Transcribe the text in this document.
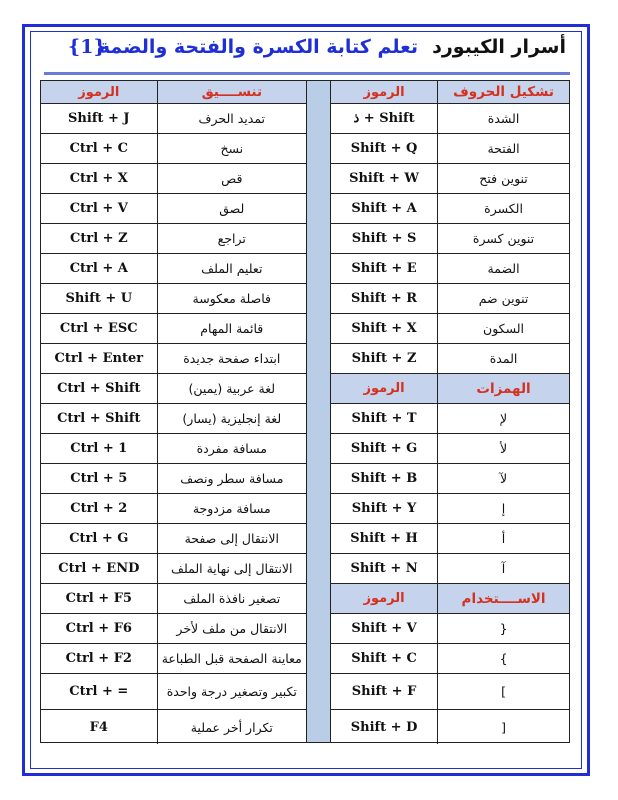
{1}
تعلم كتابة الكسرة والفتحة والضمة أسرار الكيبورد
الرموز	تشكيل الحروف
ذ + Shift	الشدة
Shift + Q	الفتحة
Shift + W	تنوين فتح
Shift + A	الكسرة
Shift + S	تنوين كسرة
Shift + E	الضمة
Shift + R	تنوين ضم
Shift + X	السكون
Shift + Z	المدة
الرموز	الهمزات
Shift + T	لإ
Shift + G	لأ
Shift + B	لآ
Shift + Y	إ
Shift + H	أ
Shift + N	آ
الرموز	الاســــتخدام
Shift + V	{
Shift + C	}
Shift + F	]
Shift + D	[
الرموز	تنســــيق
Shift + J	تمديد الحرف
Ctrl + C	نسخ
Ctrl + X	قص
Ctrl + V	لصق
Ctrl + Z	تراجع
Ctrl + A	تعليم الملف
Shift + U	فاصلة معكوسة
Ctrl + ESC	قائمة المهام
Ctrl + Enter	ابتداء صفحة جديدة
Ctrl + Shift	لغة عربية (يمين)
Ctrl + Shift	لغة إنجليزية (يسار)
Ctrl + 1	مسافة مفردة
Ctrl + 5	مسافة سطر ونصف
Ctrl + 2	مسافة مزدوجة
Ctrl + G	الانتقال إلى صفحة
Ctrl + END	الانتقال إلى نهاية الملف
Ctrl + F5	تصغير نافذة الملف
Ctrl + F6	الانتقال من ملف لأخر
Ctrl + F2	معاينة الصفحة قبل الطباعة
Ctrl + =	تكبير وتصغير درجة واحدة
F4	تكرار أخر عملية
